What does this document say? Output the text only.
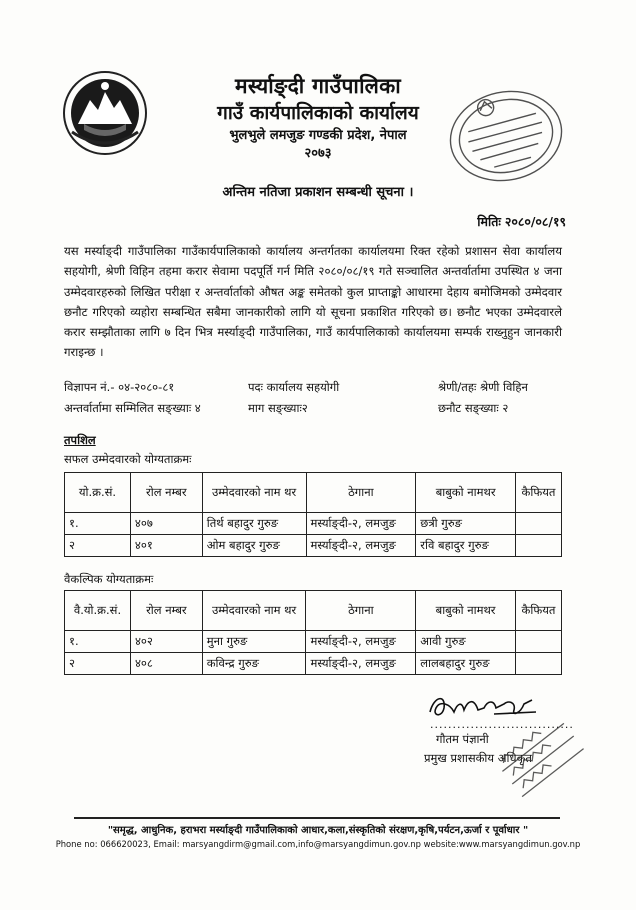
मर्स्याङ्दी गाउँपालिका
गाउँ कार्यपालिकाको कार्यालय
भुलभुले लमजुङ गण्डकी प्रदेश, नेपाल
२०७३
अन्तिम नतिजा प्रकाशन सम्बन्धी सूचना ।
मितिः २०८०/०८/१९
यस मर्स्याङ्दी गाउँपालिका गाउँकार्यपालिकाको कार्यालय अन्तर्गतका कार्यालयमा रिक्त रहेको प्रशासन सेवा कार्यालय सहयोगी, श्रेणी विहिन तहमा करार सेवामा पदपूर्ति गर्न मिति २०८०/०८/१९ गते सञ्चालित अन्तर्वार्तामा उपस्थित ४ जना उम्मेदवारहरुको लिखित परीक्षा र अन्तर्वार्ताको औषत अङ्क समेतको कुल प्राप्ताङ्को आधारमा देहाय बमोजिमको उम्मेदवार छनौट गरिएको व्यहोरा सम्बन्धित सबैमा जानकारीको लागि यो सूचना प्रकाशित गरिएको छ। छनौट भएका उम्मेदवारले करार सम्झौताका लागि ७ दिन भित्र मर्स्याङ्दी गाउँपालिका, गाउँ कार्यपालिकाको कार्यालयमा सम्पर्क राख्नुहुन जानकारी गराइन्छ ।
विज्ञापन नं.- ०४-२०८०-८१	पदः कार्यालय सहयोगी	श्रेणी/तहः श्रेणी विहिन
अन्तर्वार्तामा सम्मिलित सङ्ख्याः ४	माग सङ्ख्याः२	छनौट सङ्ख्याः २
तपशिल
सफल उम्मेदवारको योग्यताक्रमः
यो.क्र.सं.	रोल नम्बर	उम्मेदवारको नाम थर	ठेगाना	बाबुको नामथर	कैफियत
१.	४०७	तिर्थ बहादुर गुरुङ	मर्स्याङ्दी-२, लमजुङ	छत्री गुरुङ	
२	४०१	ओम बहादुर गुरुङ	मर्स्याङ्दी-२, लमजुङ	रवि बहादुर गुरुङ	
वैकल्पिक योग्यताक्रमः
वै.यो.क्र.सं.	रोल नम्बर	उम्मेदवारको नाम थर	ठेगाना	बाबुको नामथर	कैफियत
१.	४०२	मुना गुरुङ	मर्स्याङ्दी-२, लमजुङ	आवी गुरुङ	
२	४०८	कविन्द्र गुरुङ	मर्स्याङ्दी-२, लमजुङ	लालबहादुर गुरुङ	
................................
गौतम पंज्ञानी
प्रमुख प्रशासकीय अधिकृत
"समृद्ध, आधुनिक, हराभरा मर्स्याङ्दी गाउँपालिकाको आधार,कला,संस्कृतिको संरक्षण,कृषि,पर्यटन,ऊर्जा र पूर्वाधार "
Phone no: 066620023, Email: marsyangdirm@gmail.com,info@marsyangdimun.gov.np website:www.marsyangdimun.gov.np
